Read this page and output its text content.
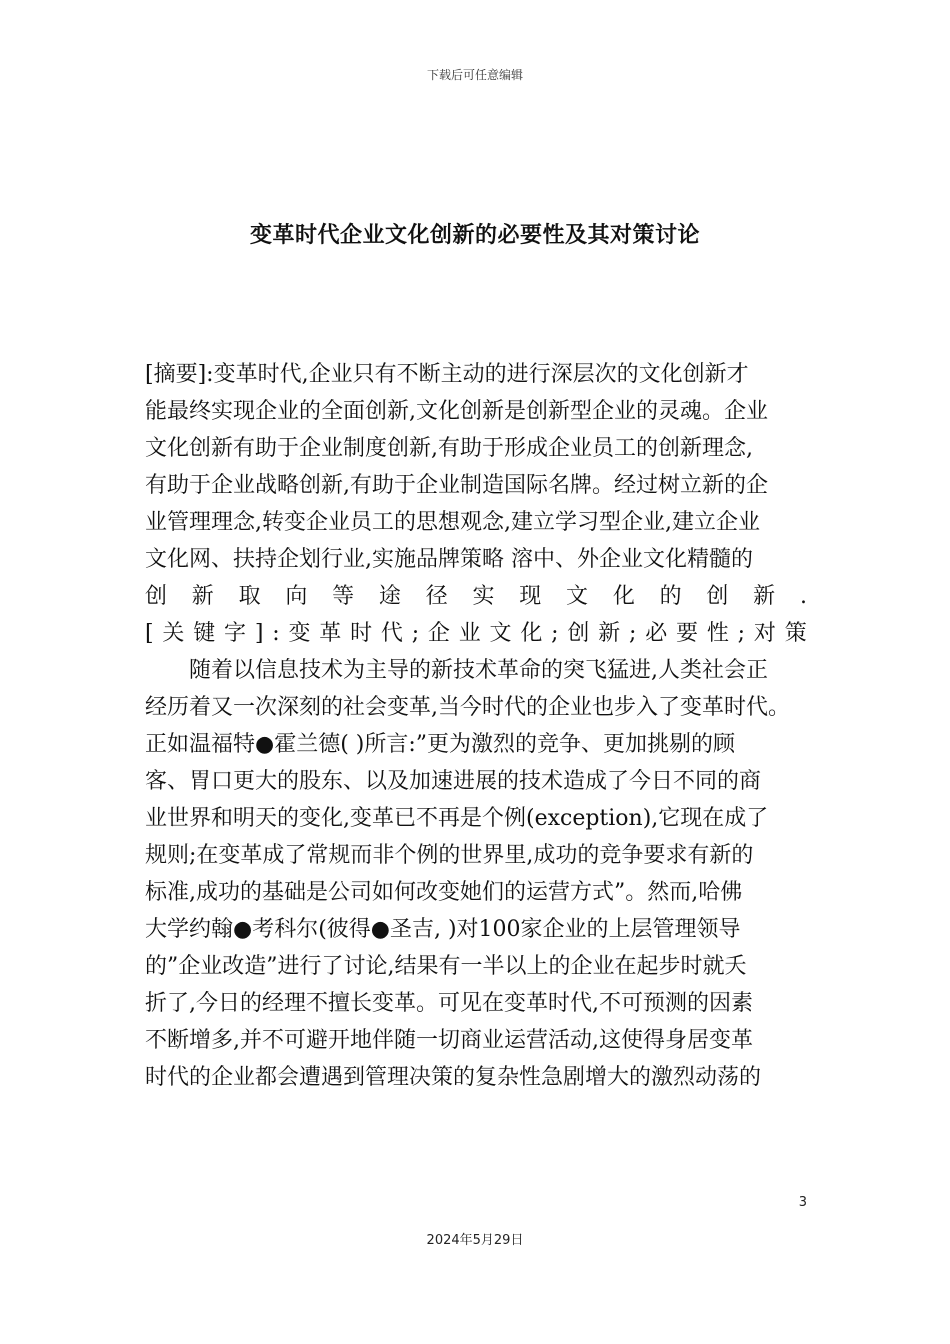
下载后可任意编辑
变革时代企业文化创新的必要性及其对策讨论
[摘要]:变革时代,企业只有不断主动的进行深层次的文化创新才
能最终实现企业的全面创新,文化创新是创新型企业的灵魂。企业
文化创新有助于企业制度创新,有助于形成企业员工的创新理念,
有助于企业战略创新,有助于企业制造国际名牌。经过树立新的企
业管理理念,转变企业员工的思想观念,建立学习型企业,建立企业
文化网、扶持企划行业,实施品牌策略 溶中、外企业文化精髓的
创 新 取 向 等 途 径 实 现 文 化 的 创 新 .
[ 关 键 字 ] : 变 革 时 代 ; 企 业 文 化 ; 创 新 ; 必 要 性 ; 对 策
随着以信息技术为主导的新技术革命的突飞猛进,人类社会正
经历着又一次深刻的社会变革,当今时代的企业也步入了变革时代。
正如温福特●霍兰德( )所言:”更为激烈的竞争、更加挑剔的顾
客、胃口更大的股东、以及加速进展的技术造成了今日不同的商
业世界和明天的变化,变革已不再是个例(exception),它现在成了
规则;在变革成了常规而非个例的世界里,成功的竞争要求有新的
标准,成功的基础是公司如何改变她们的运营方式”。然而,哈佛
大学约翰●考科尔(彼得●圣吉, )对100家企业的上层管理领导
的”企业改造”进行了讨论,结果有一半以上的企业在起步时就夭
折了,今日的经理不擅长变革。可见在变革时代,不可预测的因素
不断增多,并不可避开地伴随一切商业运营活动,这使得身居变革
时代的企业都会遭遇到管理决策的复杂性急剧增大的激烈动荡的
3
2024年5月29日
